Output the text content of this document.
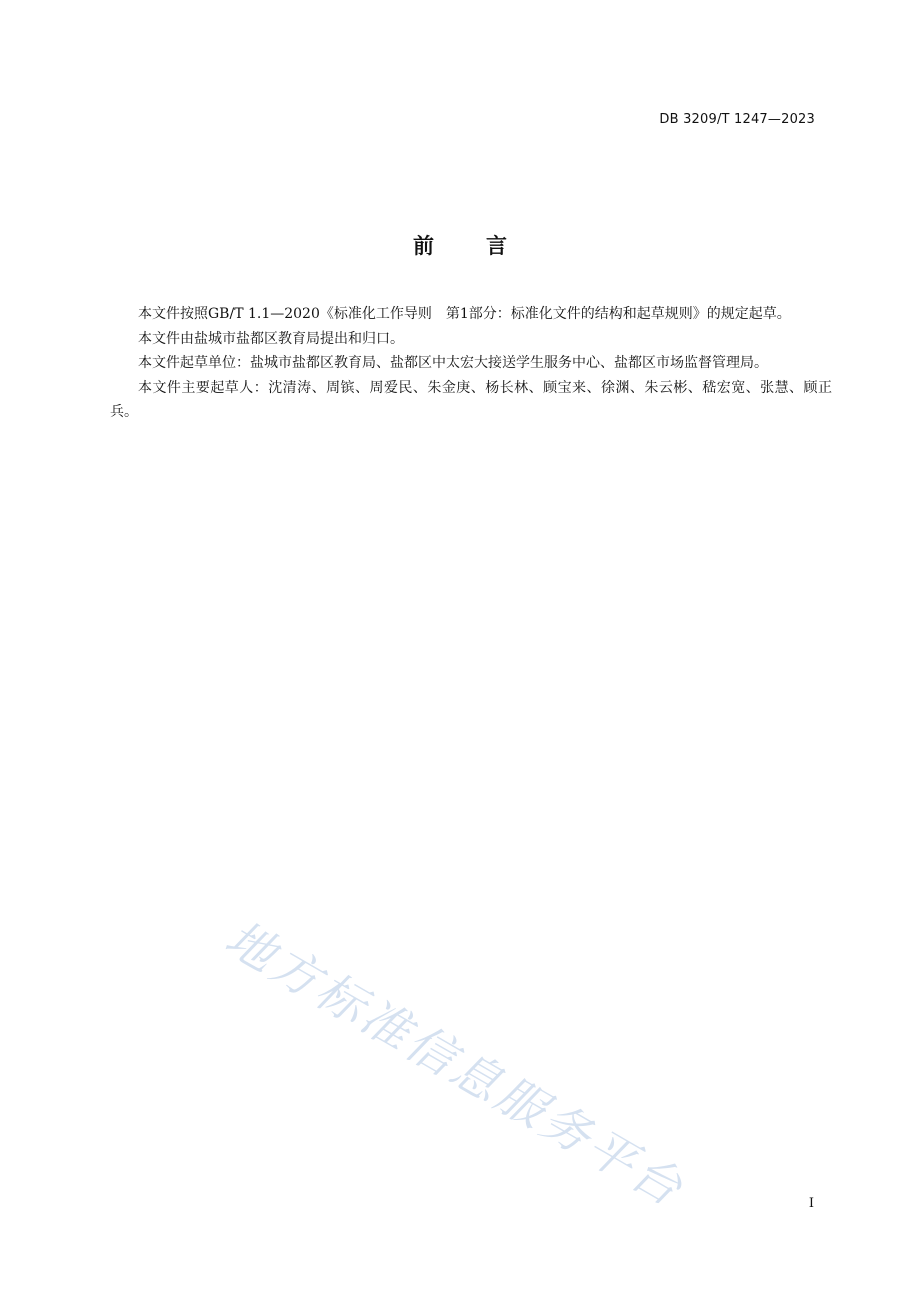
DB 3209/T 1247—2023
前 言

本文件按照GB/T 1.1—2020《标准化工作导则　第1部分：标准化文件的结构和起草规则》的规定起草。

本文件由盐城市盐都区教育局提出和归口。

本文件起草单位：盐城市盐都区教育局、盐都区中太宏大接送学生服务中心、盐都区市场监督管理局。

本文件主要起草人：沈清涛、周镔、周爱民、朱金庚、杨长林、顾宝来、徐渊、朱云彬、嵇宏宽、张慧、顾正兵。

地方标准信息服务平台	I
